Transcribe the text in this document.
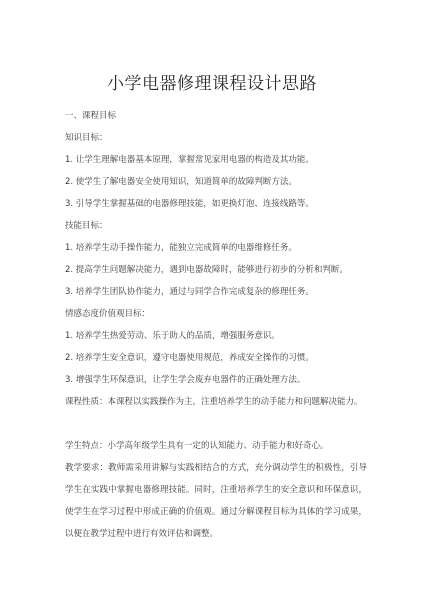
小学电器修理课程设计思路

一、课程目标

知识目标：

1. 让学生理解电器基本原理，掌握常见家用电器的构造及其功能。

2. 使学生了解电器安全使用知识，知道简单的故障判断方法。

3. 引导学生掌握基础的电器修理技能，如更换灯泡、连接线路等。

技能目标：

1. 培养学生动手操作能力，能独立完成简单的电器维修任务。

2. 提高学生问题解决能力，遇到电器故障时，能够进行初步的分析和判断。

3. 培养学生团队协作能力，通过与同学合作完成复杂的修理任务。

情感态度价值观目标：

1. 培养学生热爱劳动、乐于助人的品质，增强服务意识。

2. 培养学生安全意识，遵守电器使用规范，养成安全操作的习惯。

3. 增强学生环保意识，让学生学会废弃电器件的正确处理方法。

课程性质：本课程以实践操作为主，注重培养学生的动手能力和问题解决能力。

学生特点：小学高年级学生具有一定的认知能力、动手能力和好奇心。

教学要求：教师需采用讲解与实践相结合的方式，充分调动学生的积极性，引导学生在实践中掌握电器修理技能。同时，注重培养学生的安全意识和环保意识，使学生在学习过程中形成正确的价值观。通过分解课程目标为具体的学习成果，以便在教学过程中进行有效评估和调整。
